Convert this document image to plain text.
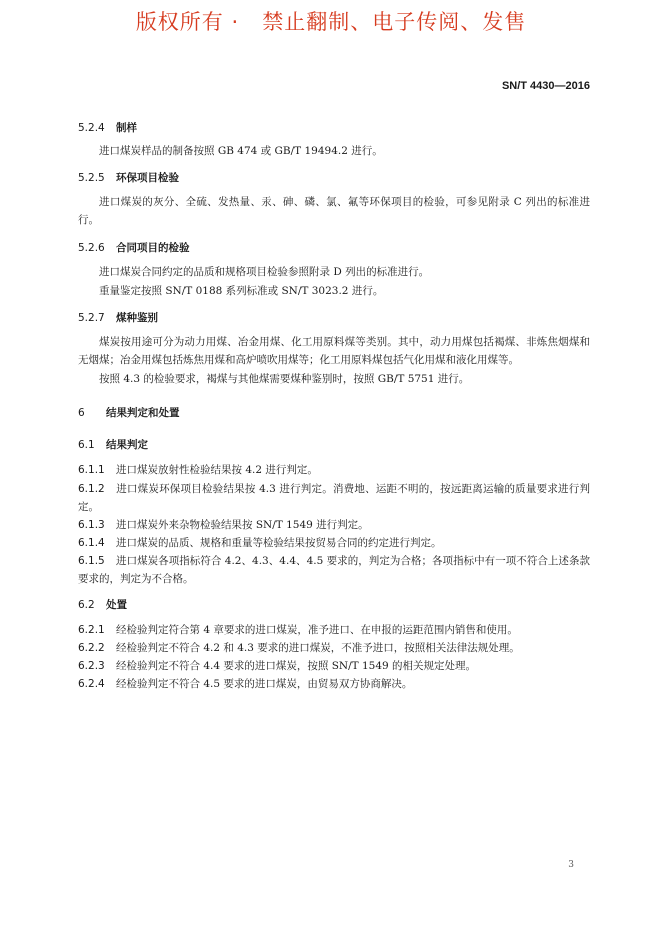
版权所有 ·   禁止翻制、电子传阅、发售
SN/T 4430—2016
5.2.4 制样
进口煤炭样品的制备按照 GB 474 或 GB/T 19494.2 进行。
5.2.5 环保项目检验
进口煤炭的灰分、全硫、发热量、汞、砷、磷、氯、氟等环保项目的检验，可参见附录 C 列出的标准进行。
5.2.6 合同项目的检验
进口煤炭合同约定的品质和规格项目检验参照附录 D 列出的标准进行。
重量鉴定按照 SN/T 0188 系列标准或 SN/T 3023.2 进行。
5.2.7 煤种鉴别
煤炭按用途可分为动力用煤、冶金用煤、化工用原料煤等类别。其中，动力用煤包括褐煤、非炼焦烟煤和无烟煤；冶金用煤包括炼焦用煤和高炉喷吹用煤等；化工用原料煤包括气化用煤和液化用煤等。
按照 4.3 的检验要求，褐煤与其他煤需要煤种鉴别时，按照 GB/T 5751 进行。
6 结果判定和处置
6.1 结果判定
6.1.1 进口煤炭放射性检验结果按 4.2 进行判定。
6.1.2 进口煤炭环保项目检验结果按 4.3 进行判定。消费地、运距不明的，按远距离运输的质量要求进行判定。
6.1.3 进口煤炭外来杂物检验结果按 SN/T 1549 进行判定。
6.1.4 进口煤炭的品质、规格和重量等检验结果按贸易合同的约定进行判定。
6.1.5 进口煤炭各项指标符合 4.2、4.3、4.4、4.5 要求的，判定为合格；各项指标中有一项不符合上述条款要求的，判定为不合格。
6.2 处置
6.2.1 经检验判定符合第 4 章要求的进口煤炭，准予进口、在申报的运距范围内销售和使用。
6.2.2 经检验判定不符合 4.2 和 4.3 要求的进口煤炭，不准予进口，按照相关法律法规处理。
6.2.3 经检验判定不符合 4.4 要求的进口煤炭，按照 SN/T 1549 的相关规定处理。
6.2.4 经检验判定不符合 4.5 要求的进口煤炭，由贸易双方协商解决。
3
